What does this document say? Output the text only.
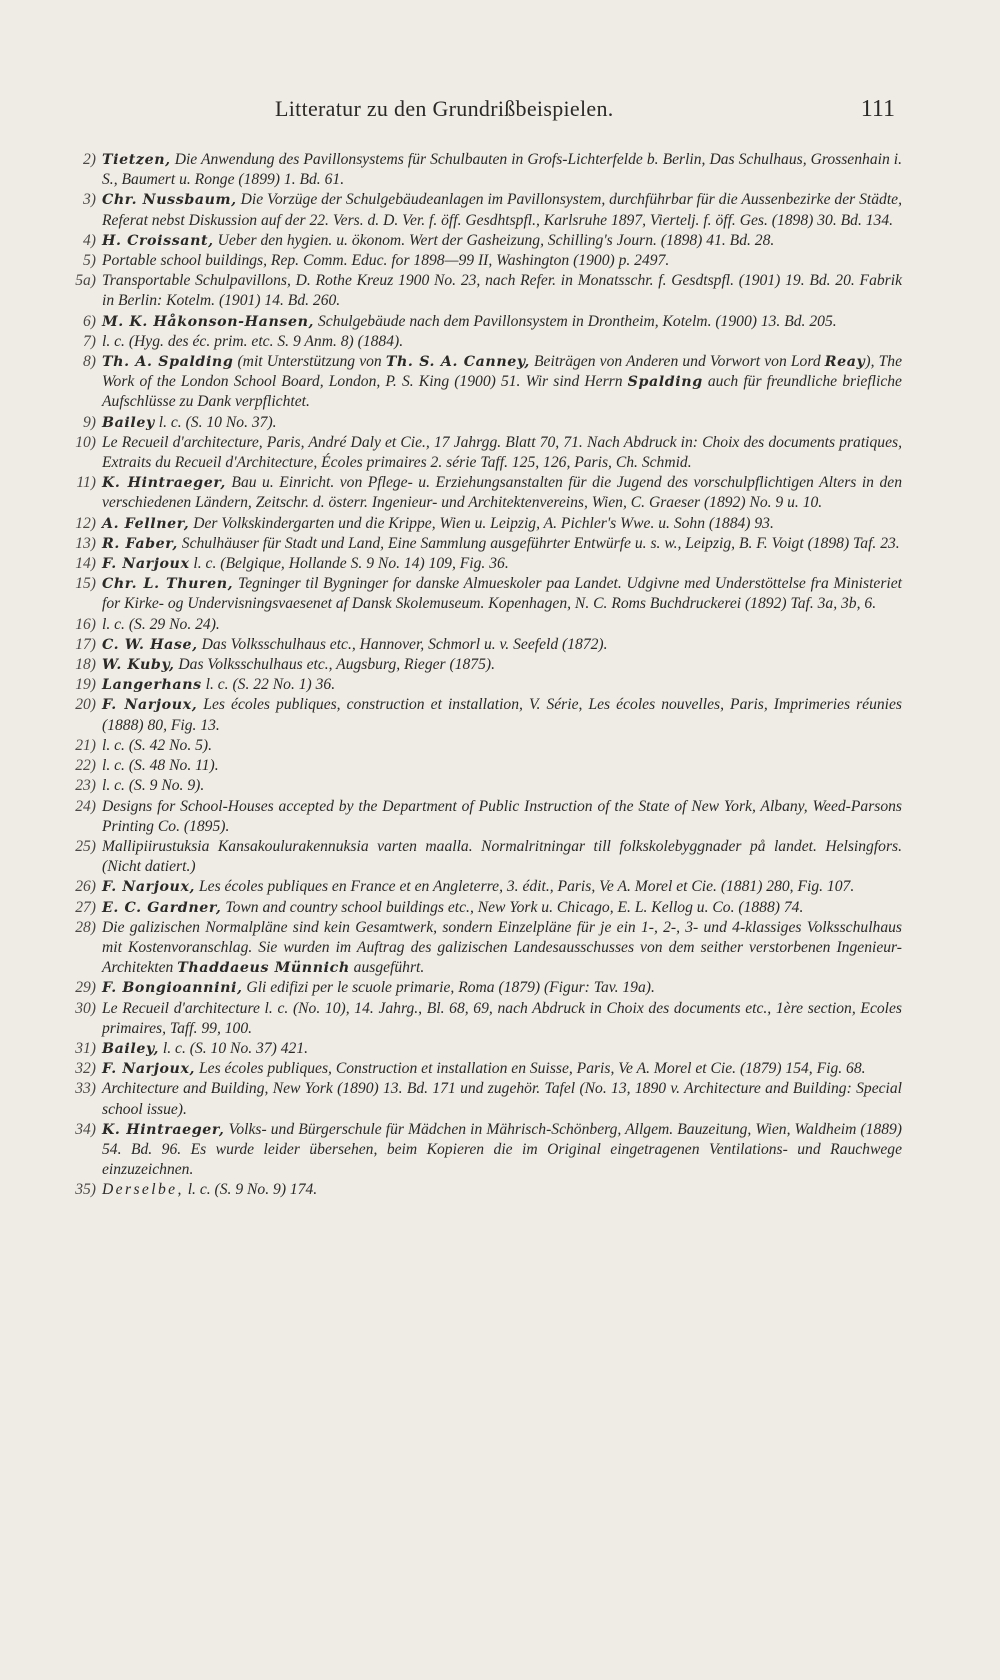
Litteratur zu den Grundrißbeispielen.	111
2) Tietzen, Die Anwendung des Pavillonsystems für Schulbauten in Grofs-Lichterfelde b. Berlin, Das Schulhaus, Grossenhain i. S., Baumert u. Ronge (1899) 1. Bd. 61.
3) Chr. Nussbaum, Die Vorzüge der Schulgebäudeanlagen im Pavillonsystem, durchführbar für die Aussenbezirke der Städte, Referat nebst Diskussion auf der 22. Vers. d. D. Ver. f. öff. Gesdhtspfl., Karlsruhe 1897, Viertelj. f. öff. Ges. (1898) 30. Bd. 134.
4) H. Croissant, Ueber den hygien. u. ökonom. Wert der Gasheizung, Schilling's Journ. (1898) 41. Bd. 28.
5) Portable school buildings, Rep. Comm. Educ. for 1898—99 II, Washington (1900) p. 2497.
5a) Transportable Schulpavillons, D. Rothe Kreuz 1900 No. 23, nach Refer. in Monatsschr. f. Gesdtspfl. (1901) 19. Bd. 20. Fabrik in Berlin: Kotelm. (1901) 14. Bd. 260.
6) M. K. Håkonson-Hansen, Schulgebäude nach dem Pavillonsystem in Drontheim, Kotelm. (1900) 13. Bd. 205.
7) l. c. (Hyg. des éc. prim. etc. S. 9 Anm. 8) (1884).
8) Th. A. Spalding (mit Unterstützung von Th. S. A. Canney, Beiträgen von Anderen und Vorwort von Lord Reay), The Work of the London School Board, London, P. S. King (1900) 51. Wir sind Herrn Spalding auch für freundliche briefliche Aufschlüsse zu Dank verpflichtet.
9) Bailey l. c. (S. 10 No. 37).
10) Le Recueil d'architecture, Paris, André Daly et Cie., 17 Jahrgg. Blatt 70, 71. Nach Abdruck in: Choix des documents pratiques, Extraits du Recueil d'Architecture, Écoles primaires 2. série Taff. 125, 126, Paris, Ch. Schmid.
11) K. Hintraeger, Bau u. Einricht. von Pflege- u. Erziehungsanstalten für die Jugend des vorschulpflichtigen Alters in den verschiedenen Ländern, Zeitschr. d. österr. Ingenieur- und Architektenvereins, Wien, C. Graeser (1892) No. 9 u. 10.
12) A. Fellner, Der Volkskindergarten und die Krippe, Wien u. Leipzig, A. Pichler's Wwe. u. Sohn (1884) 93.
13) R. Faber, Schulhäuser für Stadt und Land, Eine Sammlung ausgeführter Entwürfe u. s. w., Leipzig, B. F. Voigt (1898) Taf. 23.
14) F. Narjoux l. c. (Belgique, Hollande S. 9 No. 14) 109, Fig. 36.
15) Chr. L. Thuren, Tegninger til Bygninger for danske Almueskoler paa Landet. Udgivne med Understöttelse fra Ministeriet for Kirke- og Undervisningsvaesenet af Dansk Skolemuseum. Kopenhagen, N. C. Roms Buchdruckerei (1892) Taf. 3a, 3b, 6.
16) l. c. (S. 29 No. 24).
17) C. W. Hase, Das Volksschulhaus etc., Hannover, Schmorl u. v. Seefeld (1872).
18) W. Kuby, Das Volksschulhaus etc., Augsburg, Rieger (1875).
19) Langerhans l. c. (S. 22 No. 1) 36.
20) F. Narjoux, Les écoles publiques, construction et installation, V. Série, Les écoles nouvelles, Paris, Imprimeries réunies (1888) 80, Fig. 13.
21) l. c. (S. 42 No. 5).
22) l. c. (S. 48 No. 11).
23) l. c. (S. 9 No. 9).
24) Designs for School-Houses accepted by the Department of Public Instruction of the State of New York, Albany, Weed-Parsons Printing Co. (1895).
25) Mallipiirustuksia Kansakoulurakennuksia varten maalla. Normalritningar till folkskolebyggnader på landet. Helsingfors. (Nicht datiert.)
26) F. Narjoux, Les écoles publiques en France et en Angleterre, 3. édit., Paris, Ve A. Morel et Cie. (1881) 280, Fig. 107.
27) E. C. Gardner, Town and country school buildings etc., New York u. Chicago, E. L. Kellog u. Co. (1888) 74.
28) Die galizischen Normalpläne sind kein Gesamtwerk, sondern Einzelpläne für je ein 1-, 2-, 3- und 4-klassiges Volksschulhaus mit Kostenvoranschlag. Sie wurden im Auftrag des galizischen Landesausschusses von dem seither verstorbenen Ingenieur-Architekten Thaddaeus Münnich ausgeführt.
29) F. Bongioannini, Gli edifizi per le scuole primarie, Roma (1879) (Figur: Tav. 19a).
30) Le Recueil d'architecture l. c. (No. 10), 14. Jahrg., Bl. 68, 69, nach Abdruck in Choix des documents etc., 1ère section, Ecoles primaires, Taff. 99, 100.
31) Bailey, l. c. (S. 10 No. 37) 421.
32) F. Narjoux, Les écoles publiques, Construction et installation en Suisse, Paris, Ve A. Morel et Cie. (1879) 154, Fig. 68.
33) Architecture and Building, New York (1890) 13. Bd. 171 und zugehör. Tafel (No. 13, 1890 v. Architecture and Building: Special school issue).
34) K. Hintraeger, Volks- und Bürgerschule für Mädchen in Mährisch-Schönberg, Allgem. Bauzeitung, Wien, Waldheim (1889) 54. Bd. 96. Es wurde leider übersehen, beim Kopieren die im Original eingetragenen Ventilations- und Rauchwege einzuzeichnen.
35) Derselbe, l. c. (S. 9 No. 9) 174.
